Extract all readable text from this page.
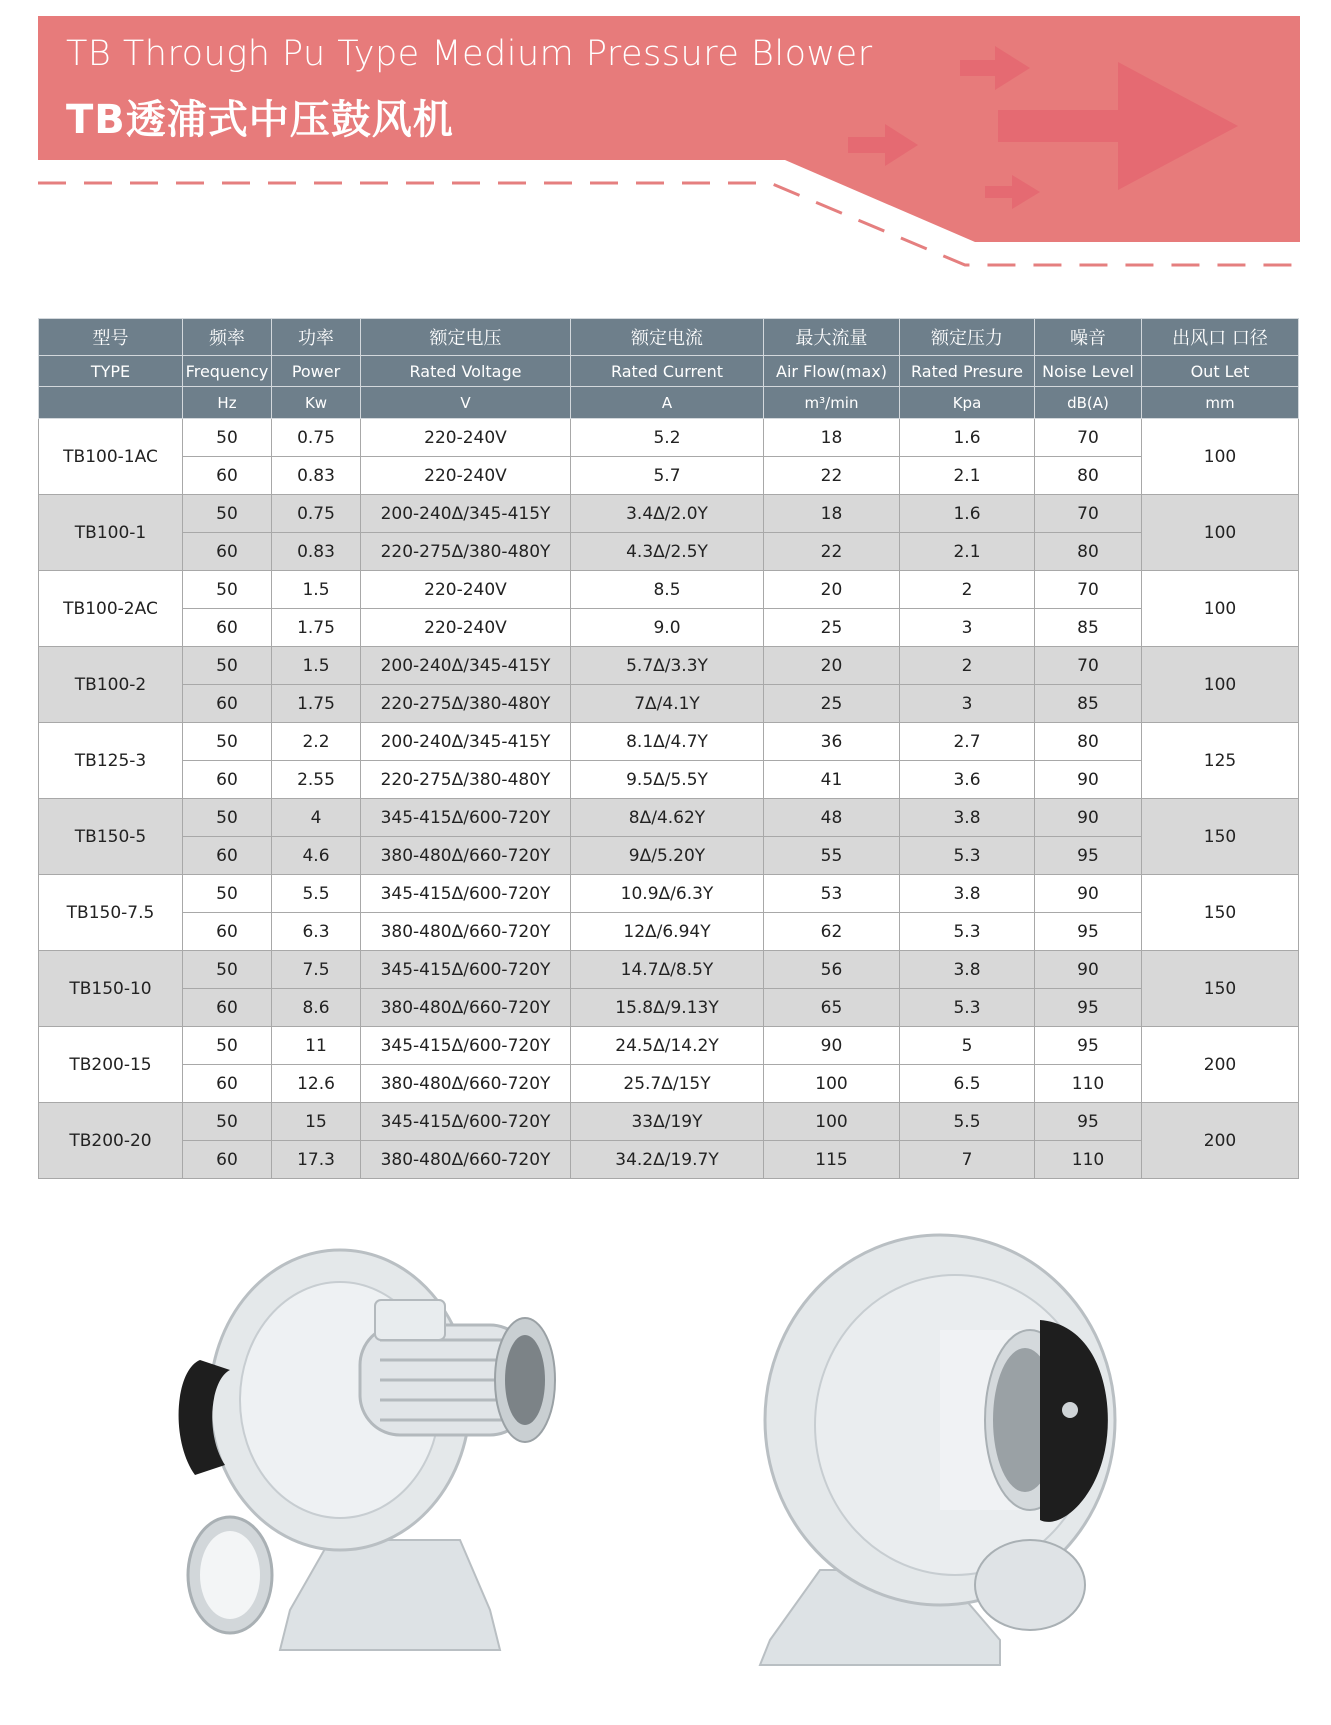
TB Through Pu Type Medium Pressure Blower
TB透浦式中压鼓风机
型号	频率	功率	额定电压	额定电流	最大流量	额定压力	噪音	出风口 口径
TYPE	Frequency	Power	Rated Voltage	Rated Current	Air Flow(max)	Rated Presure	Noise Level	Out Let
	Hz	Kw	V	A	m³/min	Kpa	dB(A)	mm
TB100-1AC	50	0.75	220-240V	5.2	18	1.6	70	100
	60	0.83	220-240V	5.7	22	2.1	80	
TB100-1	50	0.75	200-240Δ/345-415Y	3.4Δ/2.0Y	18	1.6	70	100
	60	0.83	220-275Δ/380-480Y	4.3Δ/2.5Y	22	2.1	80	
TB100-2AC	50	1.5	220-240V	8.5	20	2	70	100
	60	1.75	220-240V	9.0	25	3	85	
TB100-2	50	1.5	200-240Δ/345-415Y	5.7Δ/3.3Y	20	2	70	100
	60	1.75	220-275Δ/380-480Y	7Δ/4.1Y	25	3	85	
TB125-3	50	2.2	200-240Δ/345-415Y	8.1Δ/4.7Y	36	2.7	80	125
	60	2.55	220-275Δ/380-480Y	9.5Δ/5.5Y	41	3.6	90	
TB150-5	50	4	345-415Δ/600-720Y	8Δ/4.62Y	48	3.8	90	150
	60	4.6	380-480Δ/660-720Y	9Δ/5.20Y	55	5.3	95	
TB150-7.5	50	5.5	345-415Δ/600-720Y	10.9Δ/6.3Y	53	3.8	90	150
	60	6.3	380-480Δ/660-720Y	12Δ/6.94Y	62	5.3	95	
TB150-10	50	7.5	345-415Δ/600-720Y	14.7Δ/8.5Y	56	3.8	90	150
	60	8.6	380-480Δ/660-720Y	15.8Δ/9.13Y	65	5.3	95	
TB200-15	50	11	345-415Δ/600-720Y	24.5Δ/14.2Y	90	5	95	200
	60	12.6	380-480Δ/660-720Y	25.7Δ/15Y	100	6.5	110	
TB200-20	50	15	345-415Δ/600-720Y	33Δ/19Y	100	5.5	95	200
	60	17.3	380-480Δ/660-720Y	34.2Δ/19.7Y	115	7	110	
